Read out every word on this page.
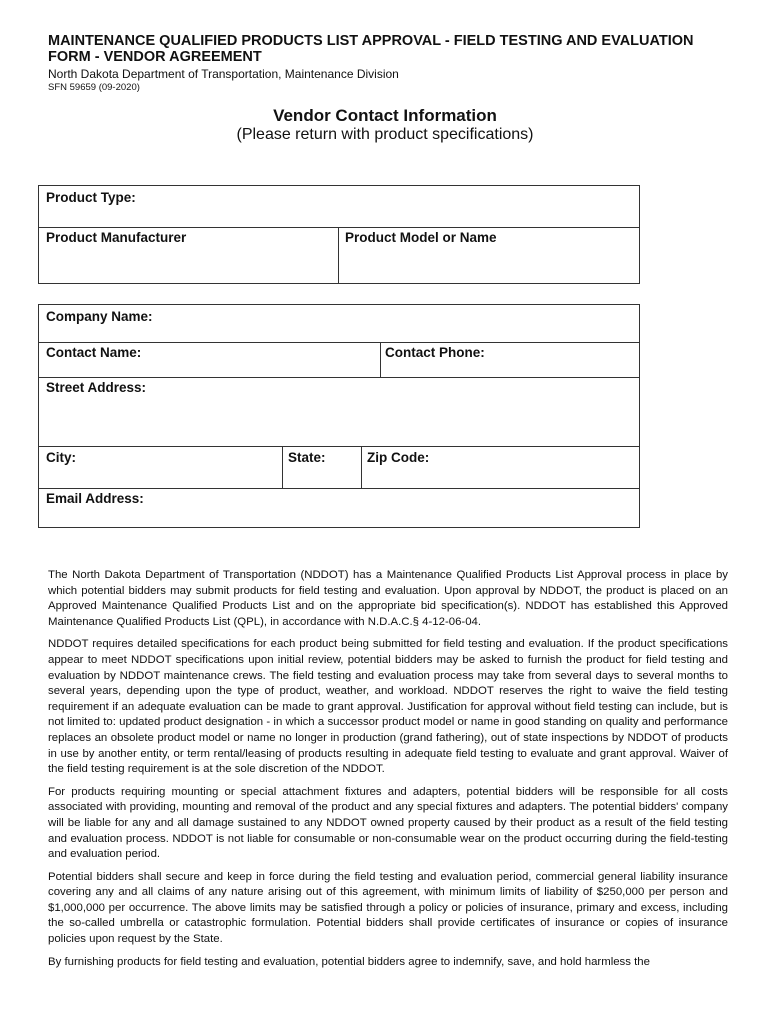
MAINTENANCE QUALIFIED PRODUCTS LIST APPROVAL - FIELD TESTING AND EVALUATION FORM - VENDOR AGREEMENT
North Dakota Department of Transportation, Maintenance Division
SFN 59659 (09-2020)
Vendor Contact Information
(Please return with product specifications)
Product Type:
Product Manufacturer	Product Model or Name
Company Name:
Contact Name:	Contact Phone:
Street Address:
City:	State:	Zip Code:
Email Address:

The North Dakota Department of Transportation (NDDOT) has a Maintenance Qualified Products List Approval process in place by which potential bidders may submit products for field testing and evaluation. Upon approval by NDDOT, the product is placed on an Approved Maintenance Qualified Products List and on the appropriate bid specification(s). NDDOT has established this Approved Maintenance Qualified Products List (QPL), in accordance with N.D.A.C.§ 4-12-06-04.

NDDOT requires detailed specifications for each product being submitted for field testing and evaluation. If the product specifications appear to meet NDDOT specifications upon initial review, potential bidders may be asked to furnish the product for field testing and evaluation by NDDOT maintenance crews. The field testing and evaluation process may take from several days to several months to several years, depending upon the type of product, weather, and workload. NDDOT reserves the right to waive the field testing requirement if an adequate evaluation can be made to grant approval. Justification for approval without field testing can include, but is not limited to: updated product designation - in which a successor product model or name in good standing on quality and performance replaces an obsolete product model or name no longer in production (grand fathering), out of state inspections by NDDOT of products in use by another entity, or term rental/leasing of products resulting in adequate field testing to evaluate and grant approval. Waiver of the field testing requirement is at the sole discretion of the NDDOT.

For products requiring mounting or special attachment fixtures and adapters, potential bidders will be responsible for all costs associated with providing, mounting and removal of the product and any special fixtures and adapters. The potential bidders' company will be liable for any and all damage sustained to any NDDOT owned property caused by their product as a result of the field testing and evaluation process. NDDOT is not liable for consumable or non-consumable wear on the product occurring during the field-testing and evaluation period.

Potential bidders shall secure and keep in force during the field testing and evaluation period, commercial general liability insurance covering any and all claims of any nature arising out of this agreement, with minimum limits of liability of $250,000 per person and $1,000,000 per occurrence. The above limits may be satisfied through a policy or policies of insurance, primary and excess, including the so-called umbrella or catastrophic formulation. Potential bidders shall provide certificates of insurance or copies of insurance policies upon request by the State.

By furnishing products for field testing and evaluation, potential bidders agree to indemnify, save, and hold harmless the
